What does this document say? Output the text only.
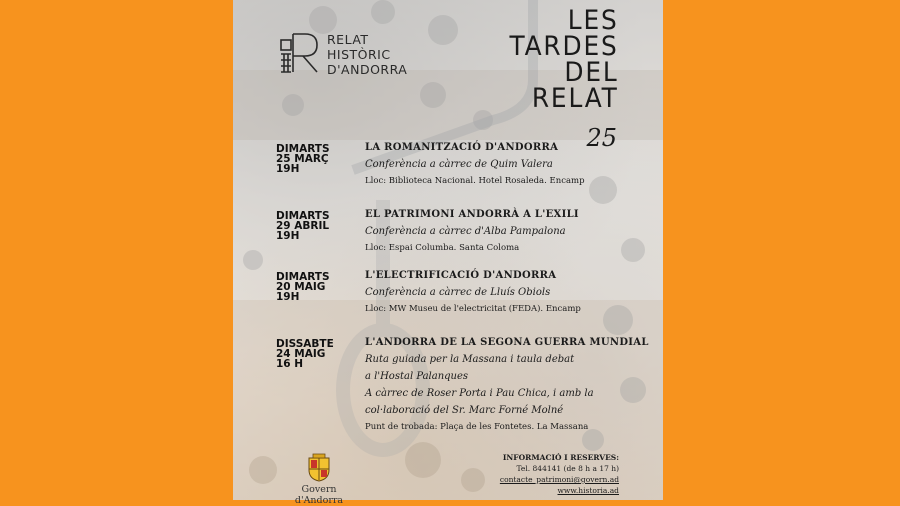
RELAT
HISTÒRIC
D'ANDORRA
LES
TARDES
DEL
RELAT
25
DIMARTS
25 MARÇ
19H
LA ROMANITZACIÓ D'ANDORRA
Conferència a càrrec de Quim Valera
Lloc: Biblioteca Nacional. Hotel Rosaleda. Encamp
DIMARTS
29 ABRIL
19H
EL PATRIMONI ANDORRÀ A L'EXILI
Conferència a càrrec d'Alba Pampalona
Lloc: Espai Columba. Santa Coloma
DIMARTS
20 MAIG
19H
L'ELECTRIFICACIÓ D'ANDORRA
Conferència a càrrec de Lluís Obiols
Lloc: MW Museu de l'electricitat (FEDA). Encamp
DISSABTE
24 MAIG
16 H
L'ANDORRA DE LA SEGONA GUERRA MUNDIAL
Ruta guiada per la Massana i taula debat
a l'Hostal Palanques
A càrrec de Roser Porta i Pau Chica, i amb la
col·laboració del Sr. Marc Forné Molné
Punt de trobada: Plaça de les Fontetes. La Massana
Govern d'Andorra
INFORMACIÓ I RESERVES:
Tel. 844141 (de 8 h a 17 h)
contacte_patrimoni@govern.ad
www.historia.ad
